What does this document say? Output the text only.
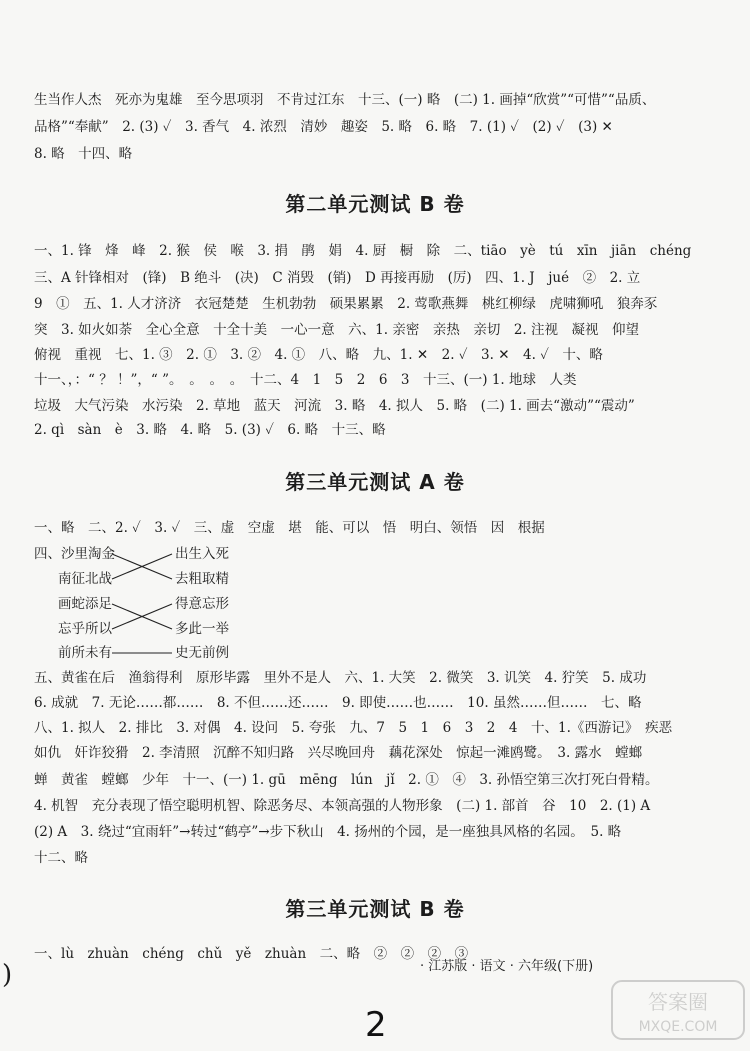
生当作人杰　死亦为鬼雄　至今思项羽　不肯过江东　十三、(一) 略　(二) 1. 画掉“欣赏”“可惜”“品质、
品格”“奉献”　2. (3) ✓　3. 香气　4. 浓烈　清妙　趣姿　5. 略　6. 略　7. (1) ✓　(2) ✓　(3) ✕
8. 略　十四、略
第二单元测试 B 卷
一、1. 锋　烽　峰　2. 猴　侯　喉　3. 捐　鹃　娟　4. 厨　橱　除　二、tiāo　yè　tú　xīn　jiān　chéng
三、A 针锋相对　(锋)　B 绝斗　(决)　C 消毁　(销)　D 再接再励　(厉)　四、1. J　jué　②　2. 立
9　①　五、1. 人才济济　衣冠楚楚　生机勃勃　硕果累累　2. 莺歌燕舞　桃红柳绿　虎啸狮吼　狼奔豕
突　3. 如火如荼　全心全意　十全十美　一心一意　六、1. 亲密　亲热　亲切　2. 注视　凝视　仰望
俯视　重视　七、1. ③　2. ①　3. ②　4. ①　八、略　九、1. ✕　2. ✓　3. ✕　4. ✓　十、略
十一、，：“ ？ ！”，“ ”。　。　。　。　十二、4　1　5　2　6　3　十三、(一) 1. 地球　人类
垃圾　大气污染　水污染　2. 草地　蓝天　河流　3. 略　4. 拟人　5. 略　(二) 1. 画去“激动”“震动”
2. qì　sàn　è　3. 略　4. 略　5. (3) ✓　6. 略　十三、略
第三单元测试 A 卷
一、略　二、2. ✓　3. ✓　三、虚　空虚　堪　能、可以　悟　明白、领悟　因　根据
四、沙里淘金
南征北战
画蛇添足
忘乎所以
前所未有
出生入死
去粗取精
得意忘形
多此一举
史无前例
五、黄雀在后　渔翁得利　原形毕露　里外不是人　六、1. 大笑　2. 微笑　3. 讥笑　4. 狞笑　5. 成功
6. 成就　7. 无论……都……　8. 不但……还……　9. 即使……也……　10. 虽然……但……　七、略
八、1. 拟人　2. 排比　3. 对偶　4. 设问　5. 夸张　九、7　5　1　6　3　2　4　十、1.《西游记》　疾恶
如仇　奸诈狡猾　2. 李清照　沉醉不知归路　兴尽晚回舟　藕花深处　惊起一滩鸥鹭。　3. 露水　螳螂
蝉　黄雀　螳螂　少年　十一、(一) 1. gū　mēng　lún　jǐ　2. ①　④　3. 孙悟空第三次打死白骨精。
4. 机智　充分表现了悟空聪明机智、除恶务尽、本领高强的人物形象　(二) 1. 部首　谷　10　2. (1) A
(2) A　3. 绕过“宜雨轩”→转过“鹤亭”→步下秋山　4. 扬州的个园，是一座独具风格的名园。　5. 略
十二、略
第三单元测试 B 卷
一、lù　zhuàn　chéng　chǔ　yě　zhuàn　二、略　②　②　②　③
)	· 江苏版 · 语文 · 六年级(下册)
2
答案圈
MXQE.COM
